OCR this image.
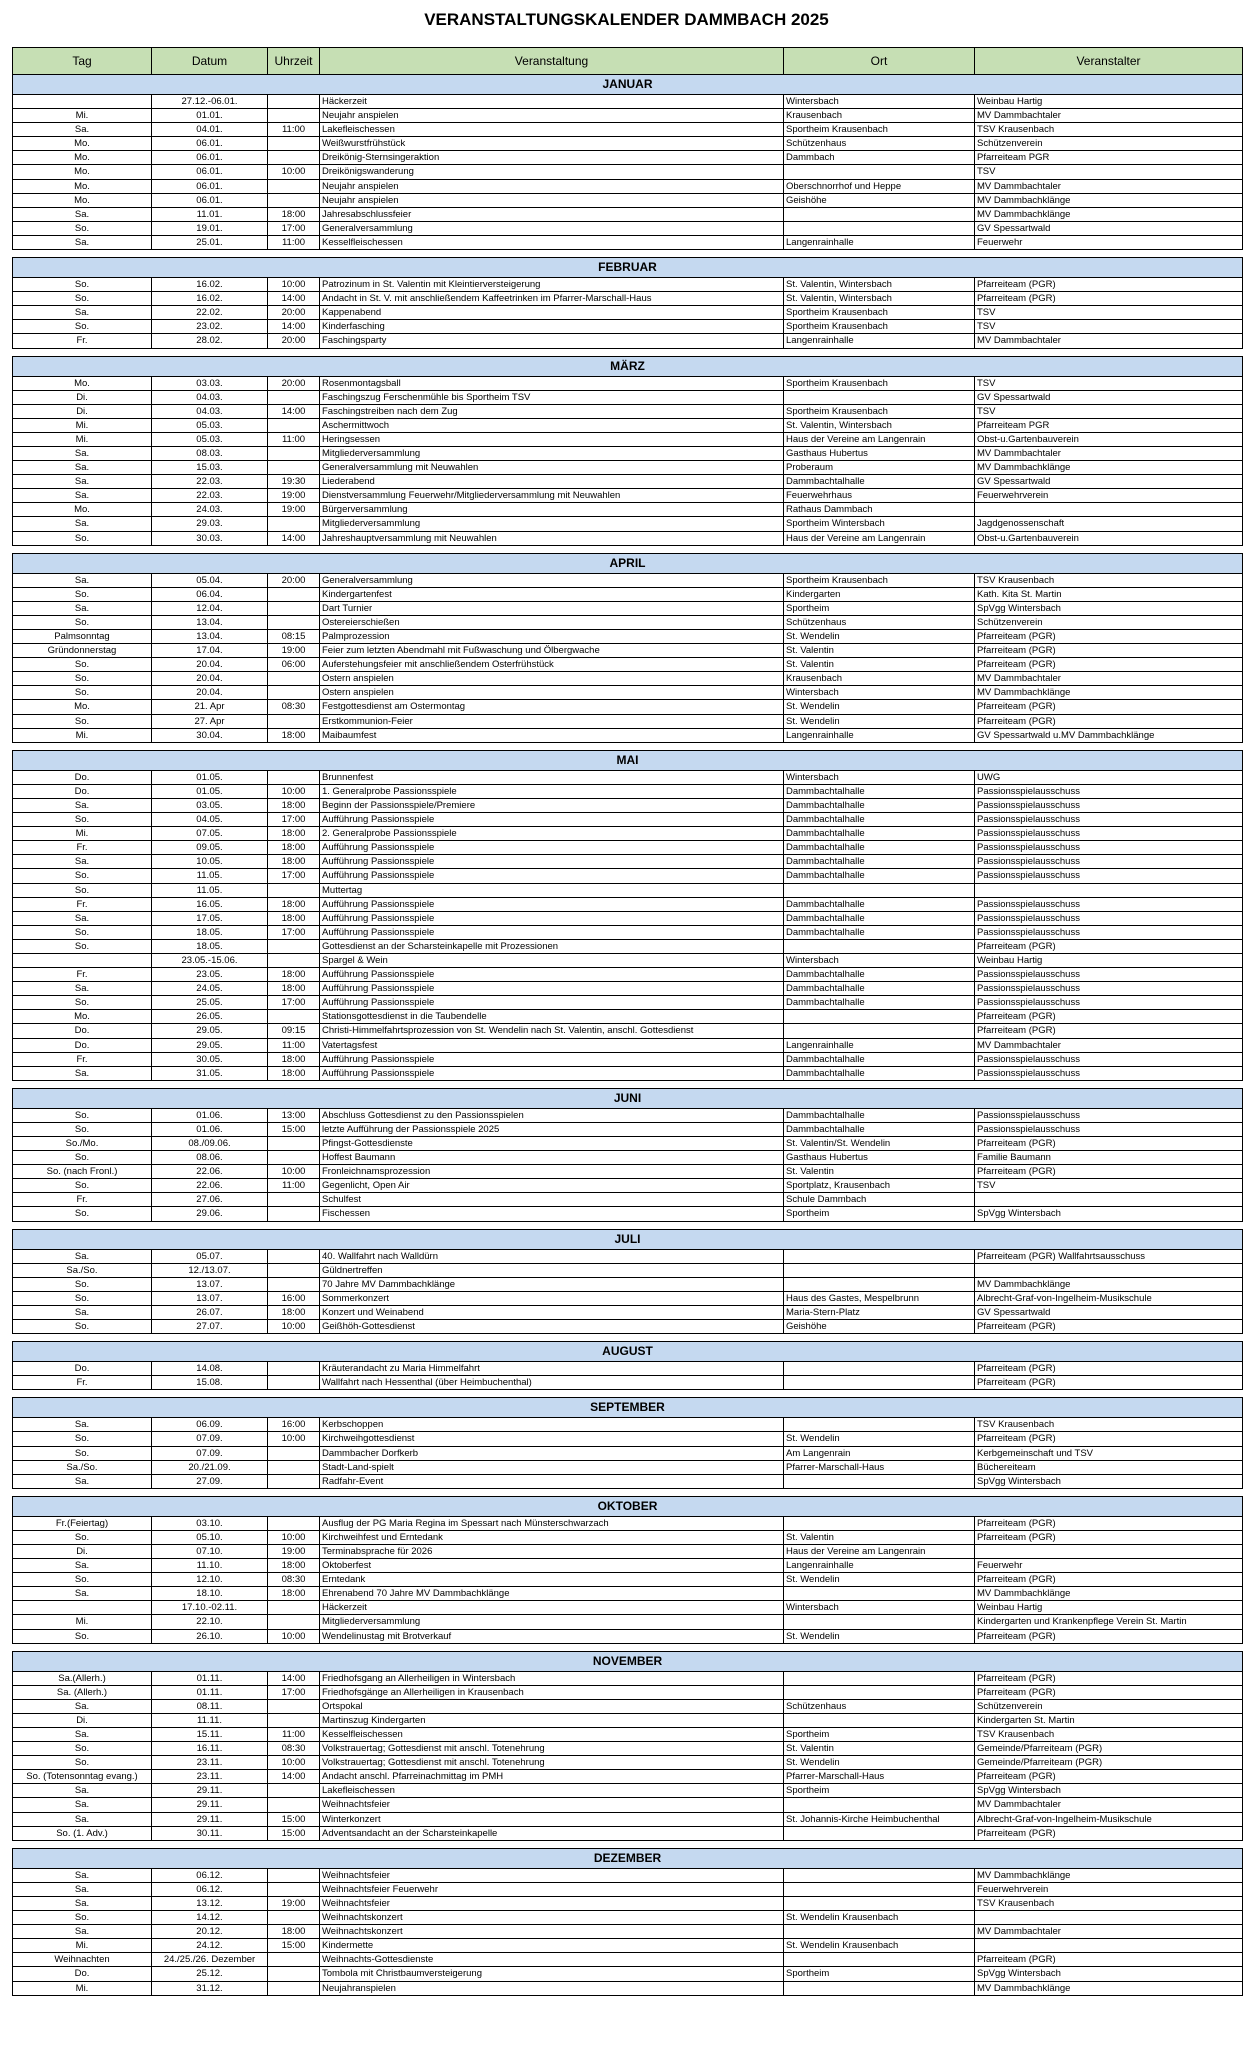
VERANSTALTUNGSKALENDER DAMMBACH 2025
Tag	Datum	Uhrzeit	Veranstaltung	Ort	Veranstalter
JANUAR					
	27.12.-06.01.		Häckerzeit	Wintersbach	Weinbau Hartig
Mi.	01.01.		Neujahr anspielen	Krausenbach	MV Dammbachtaler
Sa.	04.01.	11:00	Lakefleischessen	Sportheim Krausenbach	TSV Krausenbach
Mo.	06.01.		Weißwurstfrühstück	Schützenhaus	Schützenverein
Mo.	06.01.		Dreikönig-Sternsingeraktion	Dammbach	Pfarreiteam PGR
Mo.	06.01.	10:00	Dreikönigswanderung		TSV
Mo.	06.01.		Neujahr anspielen	Oberschnorrhof und Heppe	MV Dammbachtaler
Mo.	06.01.		Neujahr anspielen	Geishöhe	MV Dammbachklänge
Sa.	11.01.	18:00	Jahresabschlussfeier		MV Dammbachklänge
So.	19.01.	17:00	Generalversammlung		GV Spessartwald
Sa.	25.01.	11:00	Kesselfleischessen	Langenrainhalle	Feuerwehr

FEBRUAR					
So.	16.02.	10:00	Patrozinum in St. Valentin mit Kleintierversteigerung	St. Valentin, Wintersbach	Pfarreiteam (PGR)
So.	16.02.	14:00	Andacht in St. V. mit anschließendem Kaffeetrinken im Pfarrer-Marschall-Haus	St. Valentin, Wintersbach	Pfarreiteam (PGR)
Sa.	22.02.	20:00	Kappenabend	Sportheim Krausenbach	TSV
So.	23.02.	14:00	Kinderfasching	Sportheim Krausenbach	TSV
Fr.	28.02.	20:00	Faschingsparty	Langenrainhalle	MV Dammbachtaler

MÄRZ					
Mo.	03.03.	20:00	Rosenmontagsball	Sportheim Krausenbach	TSV
Di.	04.03.		Faschingszug Ferschenmühle bis Sportheim TSV		GV Spessartwald
Di.	04.03.	14:00	Faschingstreiben nach dem Zug	Sportheim Krausenbach	TSV
Mi.	05.03.		Aschermittwoch	St. Valentin, Wintersbach	Pfarreiteam PGR
Mi.	05.03.	11:00	Heringsessen	Haus der Vereine am Langenrain	Obst-u.Gartenbauverein
Sa.	08.03.		Mitgliederversammlung	Gasthaus Hubertus	MV Dammbachtaler
Sa.	15.03.		Generalversammlung mit Neuwahlen	Proberaum	MV Dammbachklänge
Sa.	22.03.	19:30	Liederabend	Dammbachtalhalle	GV Spessartwald
Sa.	22.03.	19:00	Dienstversammlung Feuerwehr/Mitgliederversammlung mit Neuwahlen	Feuerwehrhaus	Feuerwehrverein
Mo.	24.03.	19:00	Bürgerversammlung	Rathaus Dammbach	
Sa.	29.03.		Mitgliederversammlung	Sportheim Wintersbach	Jagdgenossenschaft
So.	30.03.	14:00	Jahreshauptversammlung mit Neuwahlen	Haus der Vereine am Langenrain	Obst-u.Gartenbauverein

APRIL					
Sa.	05.04.	20:00	Generalversammlung	Sportheim Krausenbach	TSV Krausenbach
So.	06.04.		Kindergartenfest	Kindergarten	Kath. Kita St. Martin
Sa.	12.04.		Dart Turnier	Sportheim	SpVgg Wintersbach
So.	13.04.		Ostereierschießen	Schützenhaus	Schützenverein
Palmsonntag	13.04.	08:15	Palmprozession	St. Wendelin	Pfarreiteam (PGR)
Gründonnerstag	17.04.	19:00	Feier zum letzten Abendmahl mit Fußwaschung und Ölbergwache	St. Valentin	Pfarreiteam (PGR)
So.	20.04.	06:00	Auferstehungsfeier mit anschließendem Osterfrühstück	St. Valentin	Pfarreiteam (PGR)
So.	20.04.		Ostern anspielen	Krausenbach	MV Dammbachtaler
So.	20.04.		Ostern anspielen	Wintersbach	MV Dammbachklänge
Mo.	21. Apr	08:30	Festgottesdienst am Ostermontag	St. Wendelin	Pfarreiteam (PGR)
So.	27. Apr		Erstkommunion-Feier	St. Wendelin	Pfarreiteam (PGR)
Mi.	30.04.	18:00	Maibaumfest	Langenrainhalle	GV Spessartwald u.MV Dammbachklänge

MAI					
Do.	01.05.		Brunnenfest	Wintersbach	UWG
Do.	01.05.	10:00	1. Generalprobe Passionsspiele	Dammbachtalhalle	Passionsspielausschuss
Sa.	03.05.	18:00	Beginn der Passionsspiele/Premiere	Dammbachtalhalle	Passionsspielausschuss
So.	04.05.	17:00	Aufführung Passionsspiele	Dammbachtalhalle	Passionsspielausschuss
Mi.	07.05.	18:00	2. Generalprobe Passionsspiele	Dammbachtalhalle	Passionsspielausschuss
Fr.	09.05.	18:00	Aufführung Passionsspiele	Dammbachtalhalle	Passionsspielausschuss
Sa.	10.05.	18:00	Aufführung Passionsspiele	Dammbachtalhalle	Passionsspielausschuss
So.	11.05.	17:00	Aufführung Passionsspiele	Dammbachtalhalle	Passionsspielausschuss
So.	11.05.		Muttertag		
Fr.	16.05.	18:00	Aufführung Passionsspiele	Dammbachtalhalle	Passionsspielausschuss
Sa.	17.05.	18:00	Aufführung Passionsspiele	Dammbachtalhalle	Passionsspielausschuss
So.	18.05.	17:00	Aufführung Passionsspiele	Dammbachtalhalle	Passionsspielausschuss
So.	18.05.		Gottesdienst an der Scharsteinkapelle mit Prozessionen		Pfarreiteam (PGR)
	23.05.-15.06.		Spargel & Wein	Wintersbach	Weinbau Hartig
Fr.	23.05.	18:00	Aufführung Passionsspiele	Dammbachtalhalle	Passionsspielausschuss
Sa.	24.05.	18:00	Aufführung Passionsspiele	Dammbachtalhalle	Passionsspielausschuss
So.	25.05.	17:00	Aufführung Passionsspiele	Dammbachtalhalle	Passionsspielausschuss
Mo.	26.05.		Stationsgottesdienst in die Taubendelle		Pfarreiteam (PGR)
Do.	29.05.	09:15	Christi-Himmelfahrtsprozession von St. Wendelin nach St. Valentin, anschl. Gottesdienst		Pfarreiteam (PGR)
Do.	29.05.	11:00	Vatertagsfest	Langenrainhalle	MV Dammbachtaler
Fr.	30.05.	18:00	Aufführung Passionsspiele	Dammbachtalhalle	Passionsspielausschuss
Sa.	31.05.	18:00	Aufführung Passionsspiele	Dammbachtalhalle	Passionsspielausschuss

JUNI					
So.	01.06.	13:00	Abschluss Gottesdienst zu den Passionsspielen	Dammbachtalhalle	Passionsspielausschuss
So.	01.06.	15:00	letzte Aufführung der Passionsspiele 2025	Dammbachtalhalle	Passionsspielausschuss
So./Mo.	08./09.06.		Pfingst-Gottesdienste	St. Valentin/St. Wendelin	Pfarreiteam (PGR)
So.	08.06.		Hoffest Baumann	Gasthaus Hubertus	Familie Baumann
So. (nach Fronl.)	22.06.	10:00	Fronleichnamsprozession	St. Valentin	Pfarreiteam (PGR)
So.	22.06.	11:00	Gegenlicht, Open Air	Sportplatz, Krausenbach	TSV
Fr.	27.06.		Schulfest	Schule Dammbach	
So.	29.06.		Fischessen	Sportheim	SpVgg Wintersbach

JULI					
Sa.	05.07.		40. Wallfahrt nach Walldürn		Pfarreiteam (PGR) Wallfahrtsausschuss
Sa./So.	12./13.07.		Güldnertreffen		
So.	13.07.		70 Jahre MV Dammbachklänge		MV Dammbachklänge
So.	13.07.	16:00	Sommerkonzert	Haus des Gastes, Mespelbrunn	Albrecht-Graf-von-Ingelheim-Musikschule
Sa.	26.07.	18:00	Konzert und Weinabend	Maria-Stern-Platz	GV Spessartwald
So.	27.07.	10:00	Geißhöh-Gottesdienst	Geishöhe	Pfarreiteam (PGR)

AUGUST					
Do.	14.08.		Kräuterandacht zu Maria Himmelfahrt		Pfarreiteam (PGR)
Fr.	15.08.		Wallfahrt nach Hessenthal (über Heimbuchenthal)		Pfarreiteam (PGR)

SEPTEMBER					
Sa.	06.09.	16:00	Kerbschoppen		TSV Krausenbach
So.	07.09.	10:00	Kirchweihgottesdienst	St. Wendelin	Pfarreiteam (PGR)
So.	07.09.		Dammbacher Dorfkerb	Am Langenrain	Kerbgemeinschaft und TSV
Sa./So.	20./21.09.		Stadt-Land-spielt	Pfarrer-Marschall-Haus	Büchereiteam
Sa.	27.09.		Radfahr-Event		SpVgg Wintersbach

OKTOBER					
Fr.(Feiertag)	03.10.		Ausflug der PG Maria Regina im Spessart nach Münsterschwarzach		Pfarreiteam (PGR)
So.	05.10.	10:00	Kirchweihfest und Erntedank	St. Valentin	Pfarreiteam (PGR)
Di.	07.10.	19:00	Terminabsprache für 2026	Haus der Vereine am Langenrain	
Sa.	11.10.	18:00	Oktoberfest	Langenrainhalle	Feuerwehr
So.	12.10.	08:30	Erntedank	St. Wendelin	Pfarreiteam (PGR)
Sa.	18.10.	18:00	Ehrenabend 70 Jahre MV Dammbachklänge		MV Dammbachklänge
	17.10.-02.11.		Häckerzeit	Wintersbach	Weinbau Hartig
Mi.	22.10.		Mitgliederversammlung		Kindergarten und Krankenpflege Verein St. Martin
So.	26.10.	10:00	Wendelinustag mit Brotverkauf	St. Wendelin	Pfarreiteam (PGR)

NOVEMBER					
Sa.(Allerh.)	01.11.	14:00	Friedhofsgang an Allerheiligen in Wintersbach		Pfarreiteam (PGR)
Sa. (Allerh.)	01.11.	17:00	Friedhofsgänge an Allerheiligen in Krausenbach		Pfarreiteam (PGR)
Sa.	08.11.		Ortspokal	Schützenhaus	Schützenverein
Di.	11.11.		Martinszug Kindergarten		Kindergarten St. Martin
Sa.	15.11.	11:00	Kesselfleischessen	Sportheim	TSV Krausenbach
So.	16.11.	08:30	Volkstrauertag; Gottesdienst mit anschl. Totenehrung	St. Valentin	Gemeinde/Pfarreiteam (PGR)
So.	23.11.	10:00	Volkstrauertag; Gottesdienst mit anschl. Totenehrung	St. Wendelin	Gemeinde/Pfarreiteam (PGR)
So. (Totensonntag evang.)	23.11.	14:00	Andacht anschl. Pfarreinachmittag im PMH	Pfarrer-Marschall-Haus	Pfarreiteam (PGR)
Sa.	29.11.		Lakefleischessen	Sportheim	SpVgg Wintersbach
Sa.	29.11.		Weihnachtsfeier		MV Dammbachtaler
Sa.	29.11.	15:00	Winterkonzert	St. Johannis-Kirche Heimbuchenthal	Albrecht-Graf-von-Ingelheim-Musikschule
So. (1. Adv.)	30.11.	15:00	Adventsandacht an der Scharsteinkapelle		Pfarreiteam (PGR)

DEZEMBER					
Sa.	06.12.		Weihnachtsfeier		MV Dammbachklänge
Sa.	06.12.		Weihnachtsfeier Feuerwehr		Feuerwehrverein
Sa.	13.12.	19:00	Weihnachtsfeier		TSV Krausenbach
So.	14.12.		Weihnachtskonzert	St. Wendelin Krausenbach	
Sa.	20.12.	18:00	Weihnachtskonzert		MV Dammbachtaler
Mi.	24.12.	15:00	Kindermette	St. Wendelin Krausenbach	
Weihnachten	24./25./26. Dezember		Weihnachts-Gottesdienste		Pfarreiteam (PGR)
Do.	25.12.		Tombola mit Christbaumversteigerung	Sportheim	SpVgg Wintersbach
Mi.	31.12.		Neujahranspielen		MV Dammbachklänge
